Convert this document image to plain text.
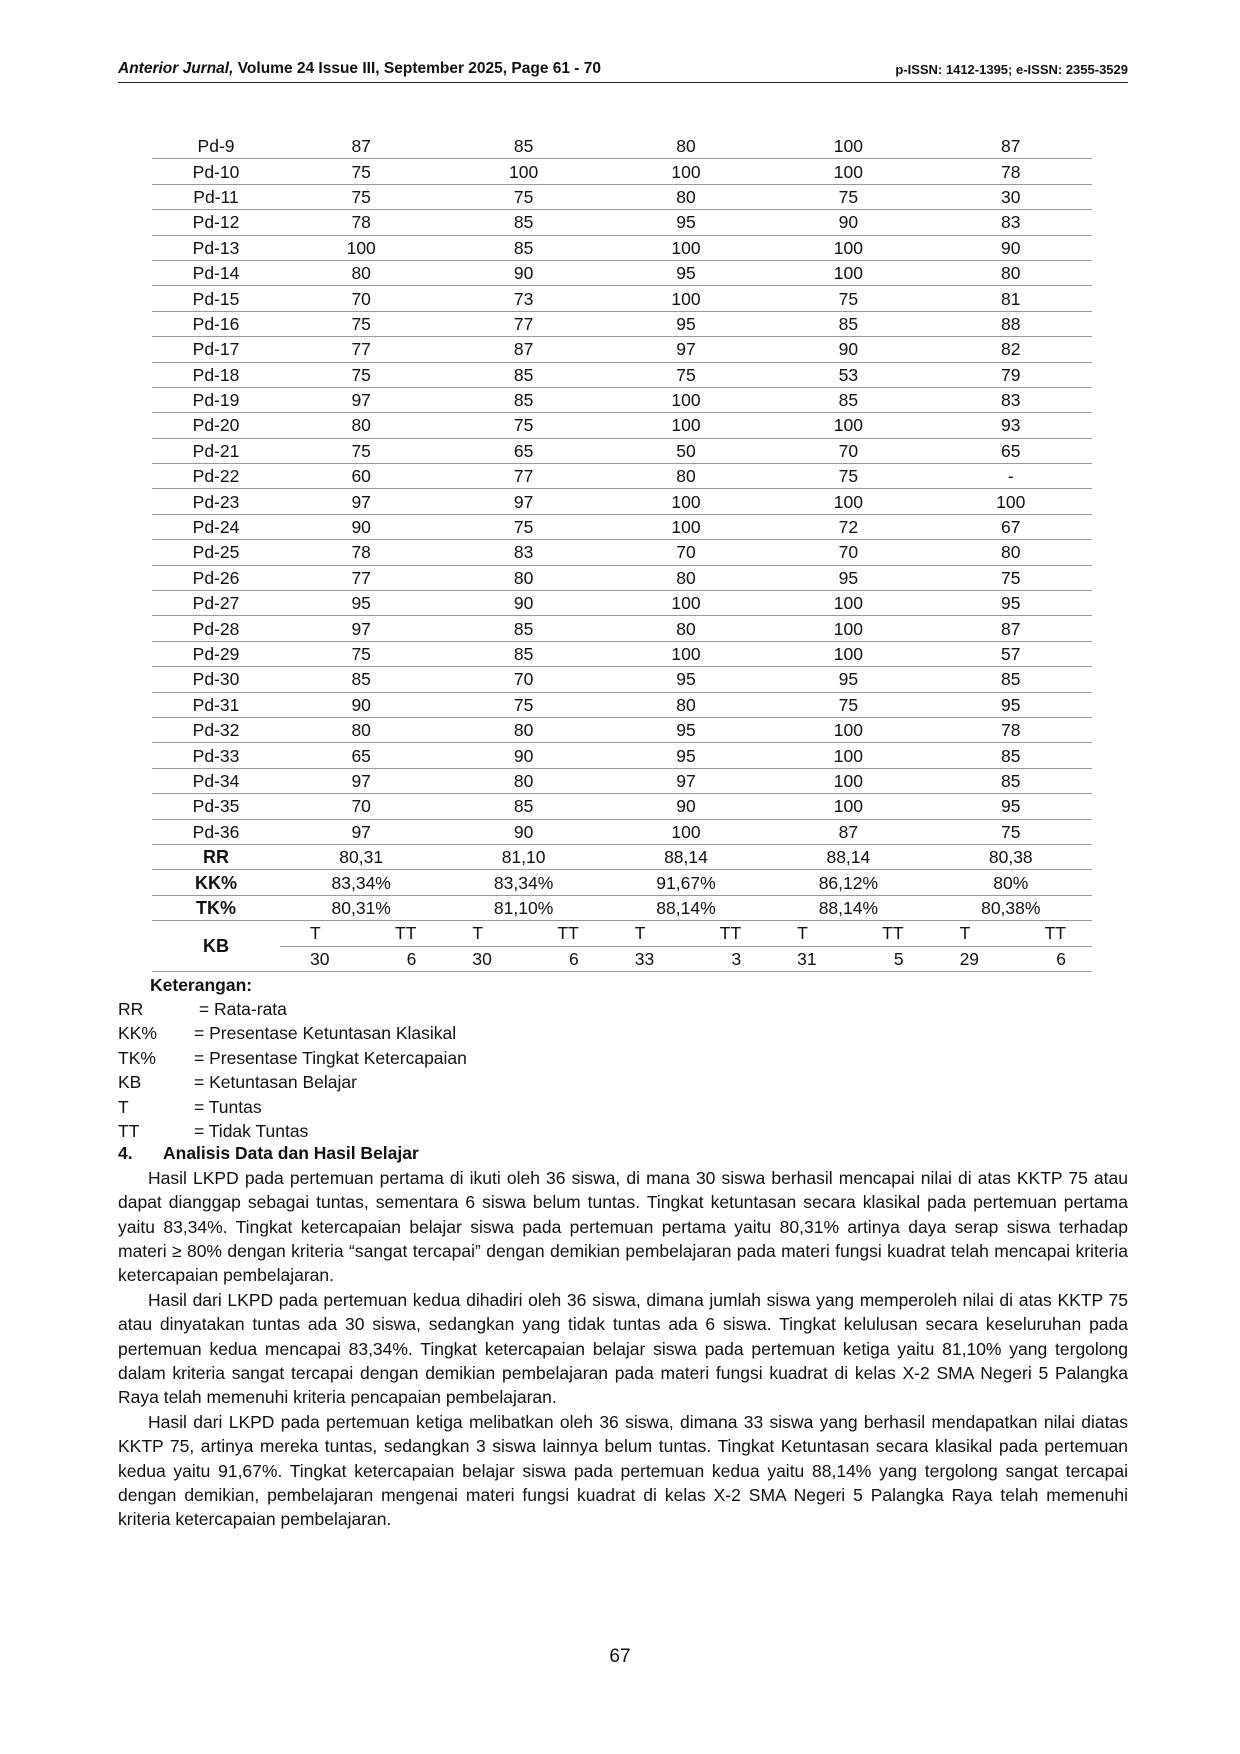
Anterior Jurnal, Volume 24 Issue III, September 2025, Page 61 - 70	p-ISSN: 1412-1395; e-ISSN: 2355-3529
Pd-9	87	85	80	100	87
Pd-10	75	100	100	100	78
Pd-11	75	75	80	75	30
Pd-12	78	85	95	90	83
Pd-13	100	85	100	100	90
Pd-14	80	90	95	100	80
Pd-15	70	73	100	75	81
Pd-16	75	77	95	85	88
Pd-17	77	87	97	90	82
Pd-18	75	85	75	53	79
Pd-19	97	85	100	85	83
Pd-20	80	75	100	100	93
Pd-21	75	65	50	70	65
Pd-22	60	77	80	75	-
Pd-23	97	97	100	100	100
Pd-24	90	75	100	72	67
Pd-25	78	83	70	70	80
Pd-26	77	80	80	95	75
Pd-27	95	90	100	100	95
Pd-28	97	85	80	100	87
Pd-29	75	85	100	100	57
Pd-30	85	70	95	95	85
Pd-31	90	75	80	75	95
Pd-32	80	80	95	100	78
Pd-33	65	90	95	100	85
Pd-34	97	80	97	100	85
Pd-35	70	85	90	100	95
Pd-36	97	90	100	87	75
RR	80,31	81,10	88,14	88,14	80,38
KK%	83,34%	83,34%	91,67%	86,12%	80%
TK%	80,31%	81,10%	88,14%	88,14%	80,38%
KB	T TT	T TT	T TT	T TT	T TT

	30 6	30 6	33 3	31 5	29 6
Keterangan:
RR	= Rata-rata
KK% = Presentase Ketuntasan Klasikal
TK% = Presentase Tingkat Ketercapaian
KB	= Ketuntasan Belajar
T	= Tuntas
TT	= Tidak Tuntas
4. Analisis Data dan Hasil Belajar

Hasil LKPD pada pertemuan pertama di ikuti oleh 36 siswa, di mana 30 siswa berhasil mencapai nilai di atas KKTP 75 atau dapat dianggap sebagai tuntas, sementara 6 siswa belum tuntas. Tingkat ketuntasan secara klasikal pada pertemuan pertama yaitu 83,34%. Tingkat ketercapaian belajar siswa pada pertemuan pertama yaitu 80,31% artinya daya serap siswa terhadap materi ≥ 80% dengan kriteria “sangat tercapai” dengan demikian pembelajaran pada materi fungsi kuadrat telah mencapai kriteria ketercapaian pembelajaran.

Hasil dari LKPD pada pertemuan kedua dihadiri oleh 36 siswa, dimana jumlah siswa yang memperoleh nilai di atas KKTP 75 atau dinyatakan tuntas ada 30 siswa, sedangkan yang tidak tuntas ada 6 siswa. Tingkat kelulusan secara keseluruhan pada pertemuan kedua mencapai 83,34%. Tingkat ketercapaian belajar siswa pada pertemuan ketiga yaitu 81,10% yang tergolong dalam kriteria sangat tercapai dengan demikian pembelajaran pada materi fungsi kuadrat di kelas X-2 SMA Negeri 5 Palangka Raya telah memenuhi kriteria pencapaian pembelajaran.

Hasil dari LKPD pada pertemuan ketiga melibatkan oleh 36 siswa, dimana 33 siswa yang berhasil mendapatkan nilai diatas KKTP 75, artinya mereka tuntas, sedangkan 3 siswa lainnya belum tuntas. Tingkat Ketuntasan secara klasikal pada pertemuan kedua yaitu 91,67%. Tingkat ketercapaian belajar siswa pada pertemuan kedua yaitu 88,14% yang tergolong sangat tercapai dengan demikian, pembelajaran mengenai materi fungsi kuadrat di kelas X-2 SMA Negeri 5 Palangka Raya telah memenuhi kriteria ketercapaian pembelajaran.

67
